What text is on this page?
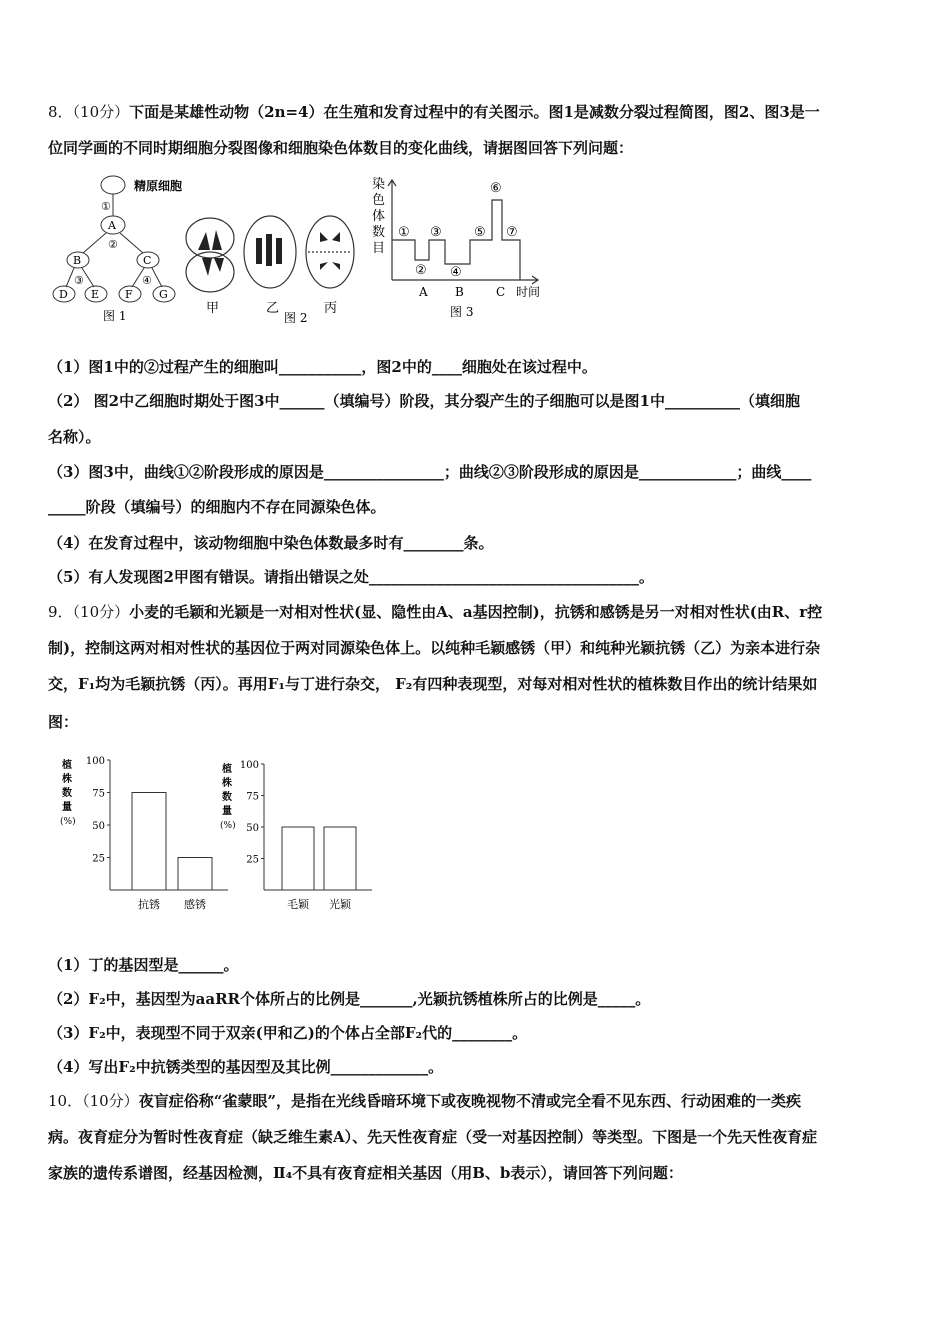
8．（10分）下面是某雄性动物（2n=4）在生殖和发育过程中的有关图示。图1是减数分裂过程简图，图2、图3是一
位同学画的不同时期细胞分裂图像和细胞染色体数目的变化曲线，请据图回答下列问题：
精原细胞
①
A
②
B	C
③	④
D E F G
图 1	甲	乙	丙
图 2
染
色
体
数
目
①
②
③
④
⑤
⑥
⑦
A B	C 时间
图 3
（1）图1中的②过程产生的细胞叫___________，图2中的____细胞处在该过程中。
（2） 图2中乙细胞时期处于图3中______（填编号）阶段，其分裂产生的子细胞可以是图1中__________（填细胞
名称）。
（3）图3中，曲线①②阶段形成的原因是________________；曲线②③阶段形成的原因是_____________；曲线____
_____阶段（填编号）的细胞内不存在同源染色体。
（4）在发育过程中，该动物细胞中染色体数最多时有________条。
（5）有人发现图2甲图有错误。请指出错误之处____________________________________。
9．（10分）小麦的毛颖和光颖是一对相对性状(显、隐性由A、a基因控制)，抗锈和感锈是另一对相对性状(由R、r控
制)，控制这两对相对性状的基因位于两对同源染色体上。以纯种毛颖感锈（甲）和纯种光颖抗锈（乙）为亲本进行杂
交，F₁均为毛颖抗锈（丙）。再用F₁与丁进行杂交， F₂有四种表现型，对每对相对性状的植株数目作出的统计结果如
图：
植
株
数
量
(%)
100
75
50
25
抗锈 感锈
植
株
数
量
(%)
100
75
50
25
毛颖 光颖
（1）丁的基因型是______。
（2）F₂中，基因型为aaRR个体所占的比例是_______,光颖抗锈植株所占的比例是_____。
（3）F₂中，表现型不同于双亲(甲和乙)的个体占全部F₂代的________。
（4）写出F₂中抗锈类型的基因型及其比例_____________。
10．（10分）夜盲症俗称“雀蒙眼”，是指在光线昏暗环境下或夜晚视物不清或完全看不见东西、行动困难的一类疾
病。夜育症分为暂时性夜育症（缺乏维生素A）、先天性夜育症（受一对基因控制）等类型。下图是一个先天性夜育症
家族的遗传系谱图，经基因检测，Ⅱ₄不具有夜育症相关基因（用B、b表示），请回答下列问题：
